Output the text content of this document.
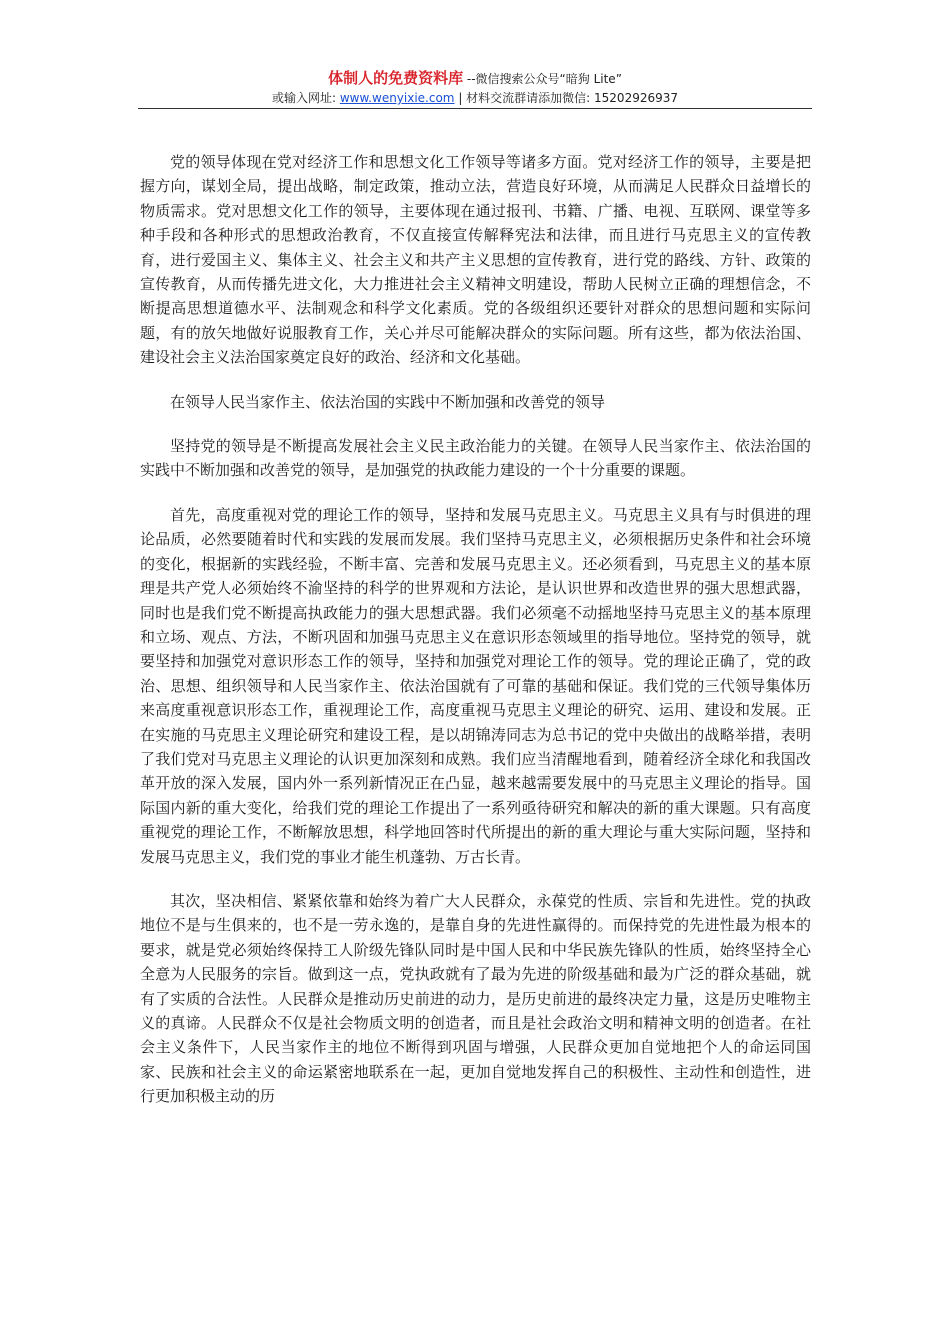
体制人的免费资料库 --微信搜索公众号“暗狗 Lite”
或输入网址: www.wenyixie.com | 材料交流群请添加微信: 15202926937

党的领导体现在党对经济工作和思想文化工作领导等诸多方面。党对经济工作的领导，主要是把握方向，谋划全局，提出战略，制定政策，推动立法，营造良好环境，从而满足人民群众日益增长的物质需求。党对思想文化工作的领导，主要体现在通过报刊、书籍、广播、电视、互联网、课堂等多种手段和各种形式的思想政治教育，不仅直接宣传解释宪法和法律，而且进行马克思主义的宣传教育，进行爱国主义、集体主义、社会主义和共产主义思想的宣传教育，进行党的路线、方针、政策的宣传教育，从而传播先进文化，大力推进社会主义精神文明建设，帮助人民树立正确的理想信念，不断提高思想道德水平、法制观念和科学文化素质。党的各级组织还要针对群众的思想问题和实际问题，有的放矢地做好说服教育工作，关心并尽可能解决群众的实际问题。所有这些，都为依法治国、建设社会主义法治国家奠定良好的政治、经济和文化基础。

在领导人民当家作主、依法治国的实践中不断加强和改善党的领导

坚持党的领导是不断提高发展社会主义民主政治能力的关键。在领导人民当家作主、依法治国的实践中不断加强和改善党的领导，是加强党的执政能力建设的一个十分重要的课题。

首先，高度重视对党的理论工作的领导，坚持和发展马克思主义。马克思主义具有与时俱进的理论品质，必然要随着时代和实践的发展而发展。我们坚持马克思主义，必须根据历史条件和社会环境的变化，根据新的实践经验，不断丰富、完善和发展马克思主义。还必须看到，马克思主义的基本原理是共产党人必须始终不渝坚持的科学的世界观和方法论，是认识世界和改造世界的强大思想武器，同时也是我们党不断提高执政能力的强大思想武器。我们必须毫不动摇地坚持马克思主义的基本原理和立场、观点、方法，不断巩固和加强马克思主义在意识形态领域里的指导地位。坚持党的领导，就要坚持和加强党对意识形态工作的领导，坚持和加强党对理论工作的领导。党的理论正确了，党的政治、思想、组织领导和人民当家作主、依法治国就有了可靠的基础和保证。我们党的三代领导集体历来高度重视意识形态工作，重视理论工作，高度重视马克思主义理论的研究、运用、建设和发展。正在实施的马克思主义理论研究和建设工程，是以胡锦涛同志为总书记的党中央做出的战略举措，表明了我们党对马克思主义理论的认识更加深刻和成熟。我们应当清醒地看到，随着经济全球化和我国改革开放的深入发展，国内外一系列新情况正在凸显，越来越需要发展中的马克思主义理论的指导。国际国内新的重大变化，给我们党的理论工作提出了一系列亟待研究和解决的新的重大课题。只有高度重视党的理论工作，不断解放思想，科学地回答时代所提出的新的重大理论与重大实际问题，坚持和发展马克思主义，我们党的事业才能生机蓬勃、万古长青。

其次，坚决相信、紧紧依靠和始终为着广大人民群众，永葆党的性质、宗旨和先进性。党的执政地位不是与生俱来的，也不是一劳永逸的，是靠自身的先进性赢得的。而保持党的先进性最为根本的要求，就是党必须始终保持工人阶级先锋队同时是中国人民和中华民族先锋队的性质，始终坚持全心全意为人民服务的宗旨。做到这一点，党执政就有了最为先进的阶级基础和最为广泛的群众基础，就有了实质的合法性。人民群众是推动历史前进的动力，是历史前进的最终决定力量，这是历史唯物主义的真谛。人民群众不仅是社会物质文明的创造者，而且是社会政治文明和精神文明的创造者。在社会主义条件下，人民当家作主的地位不断得到巩固与增强，人民群众更加自觉地把个人的命运同国家、民族和社会主义的命运紧密地联系在一起，更加自觉地发挥自己的积极性、主动性和创造性，进行更加积极主动的历
